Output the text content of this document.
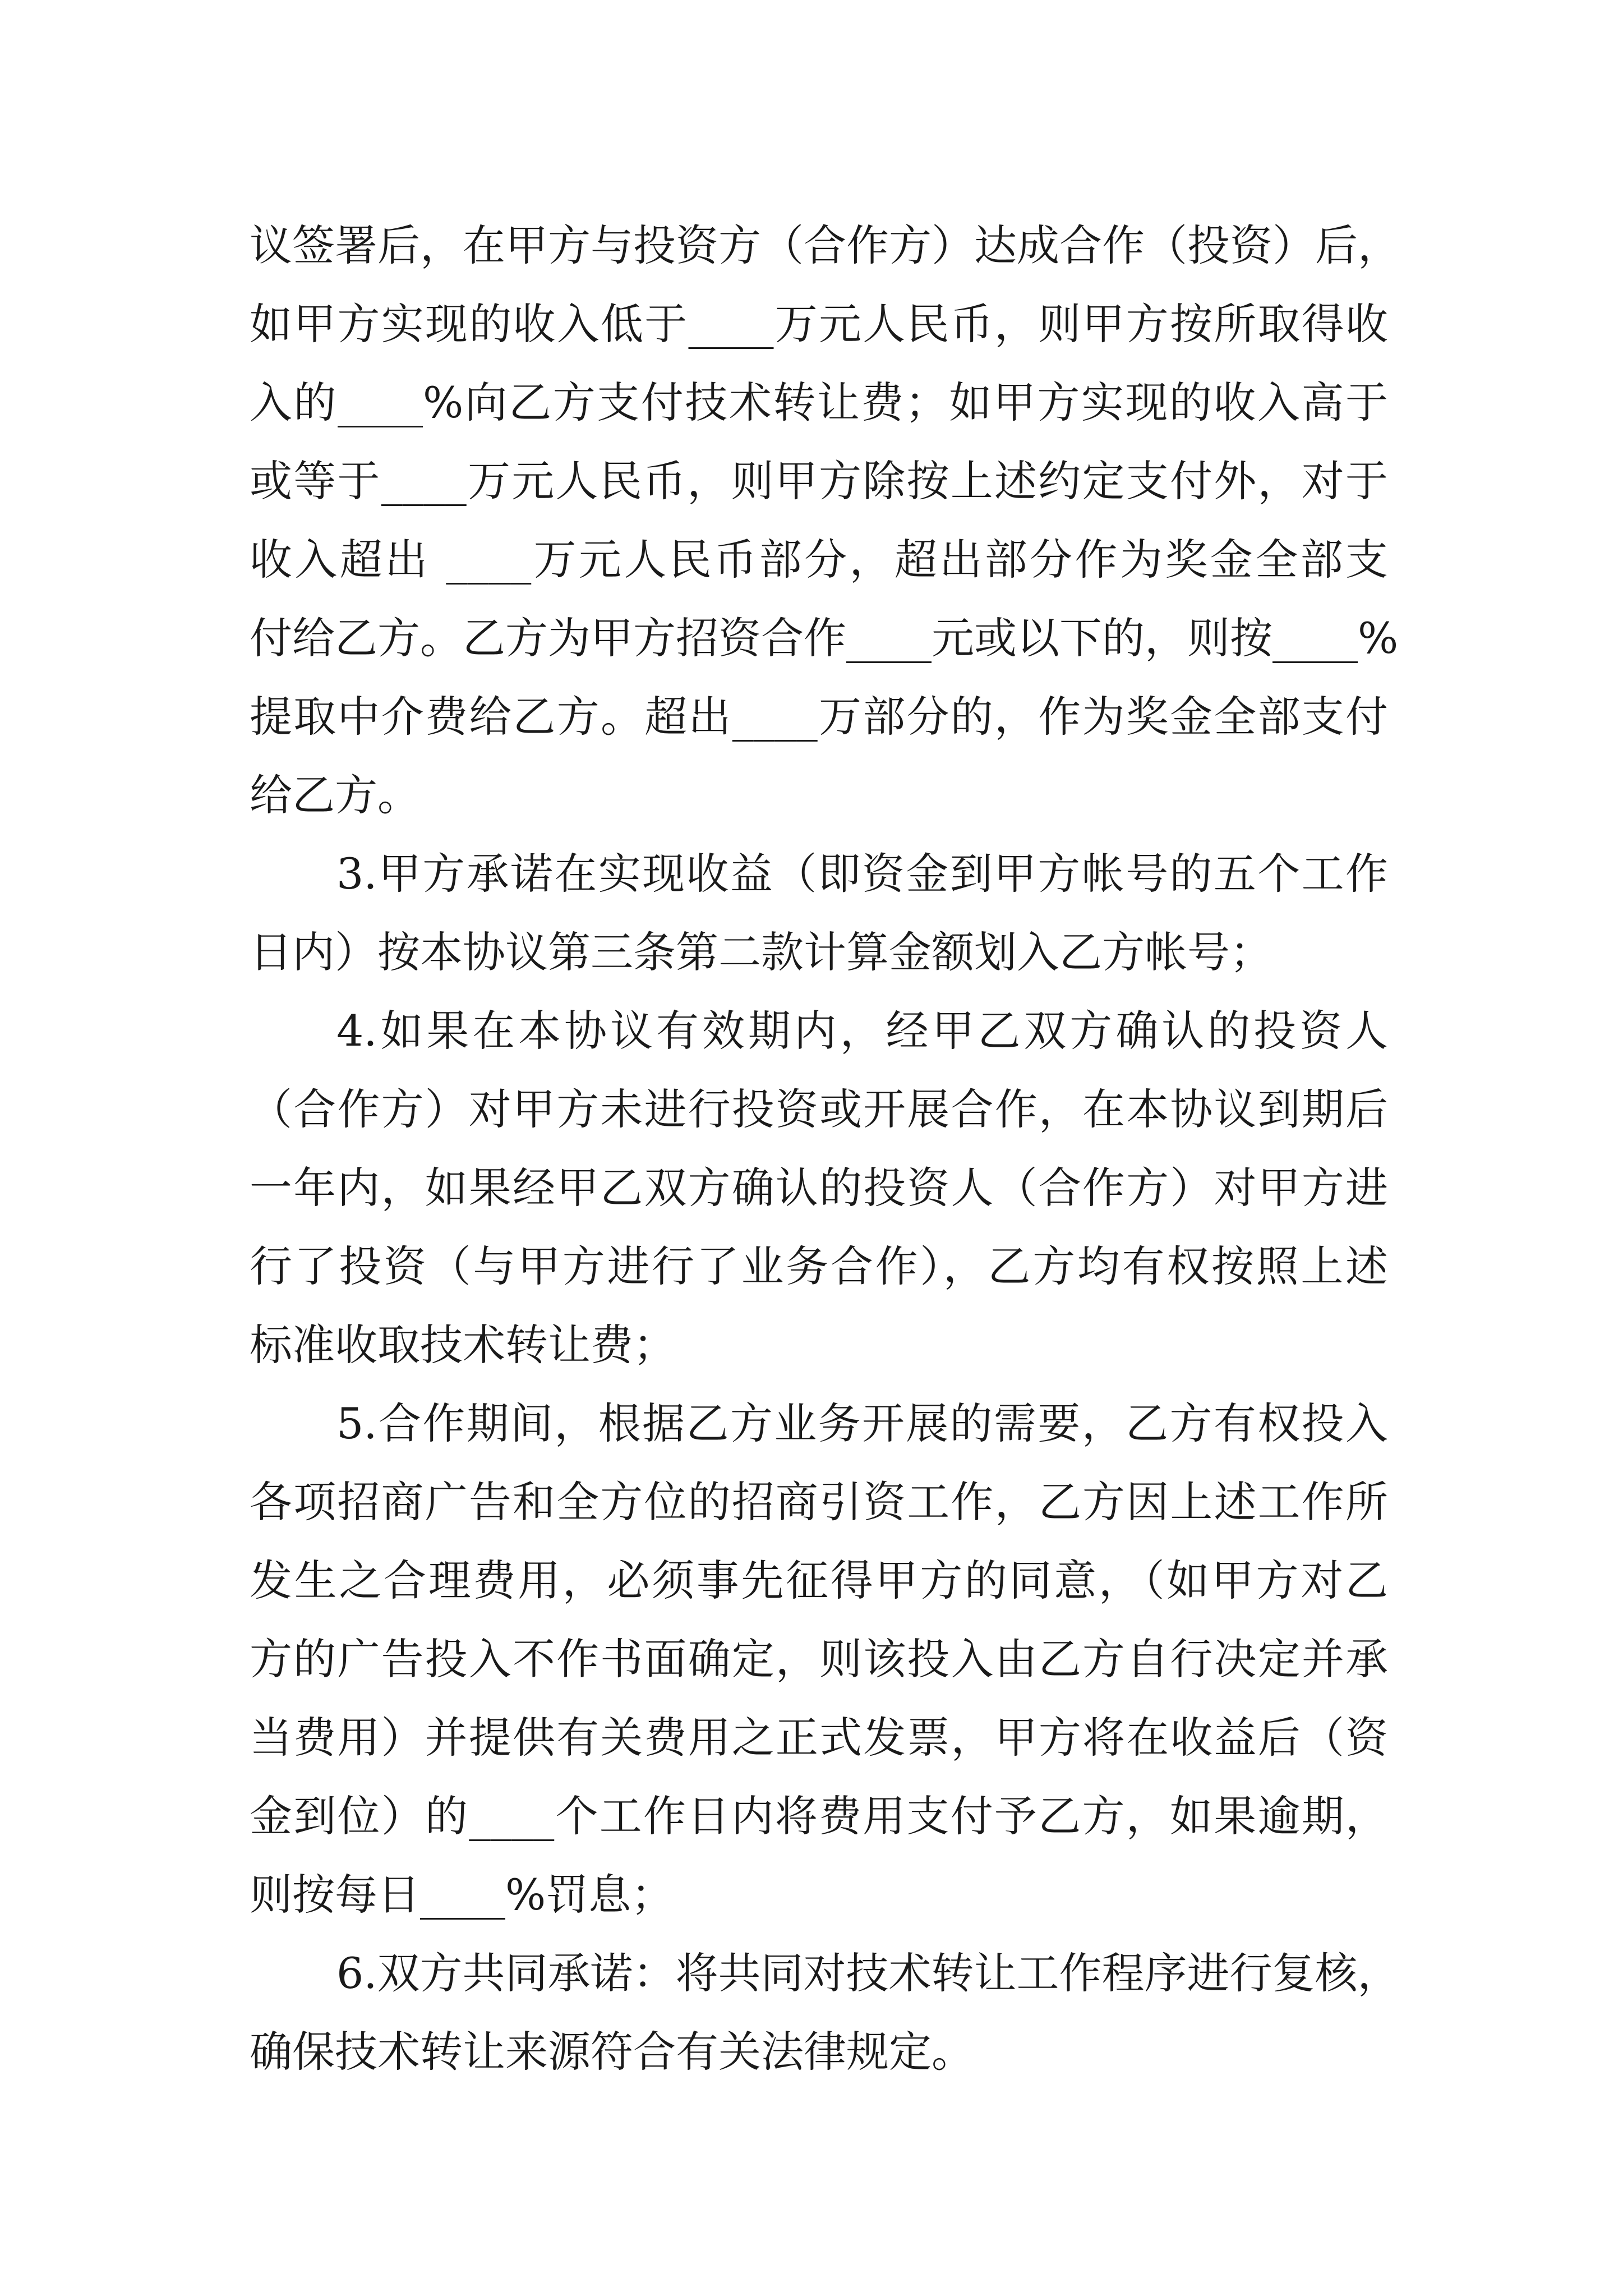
议签署后，在甲方与投资方（合作方）达成合作（投资）后，
如甲方实现的收入低于____万元人民币，则甲方按所取得收
入的____%向乙方支付技术转让费；如甲方实现的收入高于
或等于____万元人民币，则甲方除按上述约定支付外，对于
收入超出 ____万元人民币部分，超出部分作为奖金全部支
付给乙方。乙方为甲方招资合作____元或以下的，则按____%
提取中介费给乙方。超出____万部分的，作为奖金全部支付
给乙方。
3.甲方承诺在实现收益（即资金到甲方帐号的五个工作
日内）按本协议第三条第二款计算金额划入乙方帐号；
4.如果在本协议有效期内，经甲乙双方确认的投资人
（合作方）对甲方未进行投资或开展合作，在本协议到期后
一年内，如果经甲乙双方确认的投资人（合作方）对甲方进
行了投资（与甲方进行了业务合作），乙方均有权按照上述
标准收取技术转让费；
5.合作期间，根据乙方业务开展的需要，乙方有权投入
各项招商广告和全方位的招商引资工作，乙方因上述工作所
发生之合理费用，必须事先征得甲方的同意，（如甲方对乙
方的广告投入不作书面确定，则该投入由乙方自行决定并承
当费用）并提供有关费用之正式发票，甲方将在收益后（资
金到位）的____个工作日内将费用支付予乙方，如果逾期，
则按每日____%罚息；
6.双方共同承诺：将共同对技术转让工作程序进行复核，
确保技术转让来源符合有关法律规定。
